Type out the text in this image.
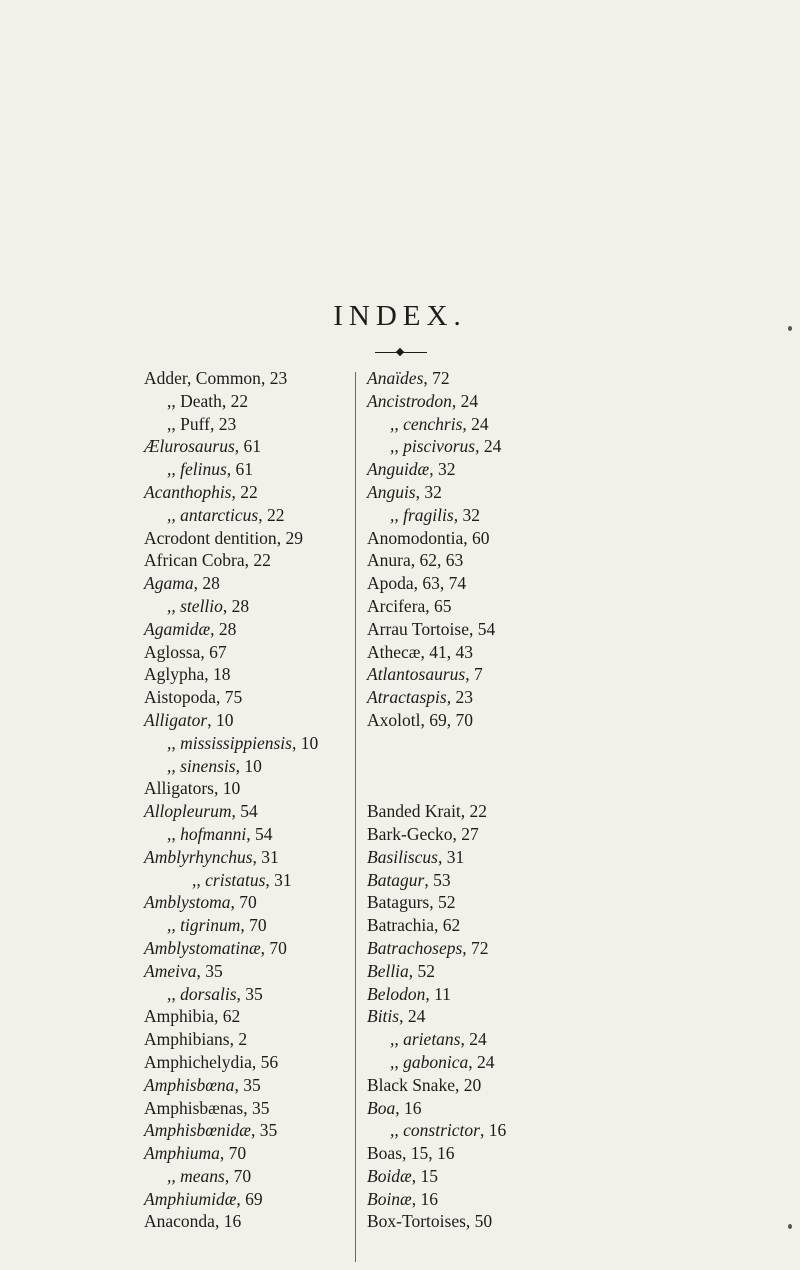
INDEX.
Adder, Common, 23
,, Death, 22
,, Puff, 23
Ælurosaurus, 61
,, felinus, 61
Acanthophis, 22
,, antarcticus, 22
Acrodont dentition, 29
African Cobra, 22
Agama, 28
,, stellio, 28
Agamidæ, 28
Aglossa, 67
Aglypha, 18
Aistopoda, 75
Alligator, 10
,, mississippiensis, 10
,, sinensis, 10
Alligators, 10
Allopleurum, 54
,, hofmanni, 54
Amblyrhynchus, 31
,, cristatus, 31
Amblystoma, 70
,, tigrinum, 70
Amblystomatinæ, 70
Ameiva, 35
,, dorsalis, 35
Amphibia, 62
Amphibians, 2
Amphichelydia, 56
Amphisbœna, 35
Amphisbænas, 35
Amphisbœnidæ, 35
Amphiuma, 70
,, means, 70
Amphiumidæ, 69
Anaconda, 16
Anaïdes, 72
Ancistrodon, 24
,, cenchris, 24
,, piscivorus, 24
Anguidæ, 32
Anguis, 32
,, fragilis, 32
Anomodontia, 60
Anura, 62, 63
Apoda, 63, 74
Arcifera, 65
Arrau Tortoise, 54
Athecæ, 41, 43
Atlantosaurus, 7
Atractaspis, 23
Axolotl, 69, 70
Banded Krait, 22
Bark-Gecko, 27
Basiliscus, 31
Batagur, 53
Batagurs, 52
Batrachia, 62
Batrachoseps, 72
Bellia, 52
Belodon, 11
Bitis, 24
,, arietans, 24
,, gabonica, 24
Black Snake, 20
Boa, 16
,, constrictor, 16
Boas, 15, 16
Boidæ, 15
Boinæ, 16
Box-Tortoises, 50
